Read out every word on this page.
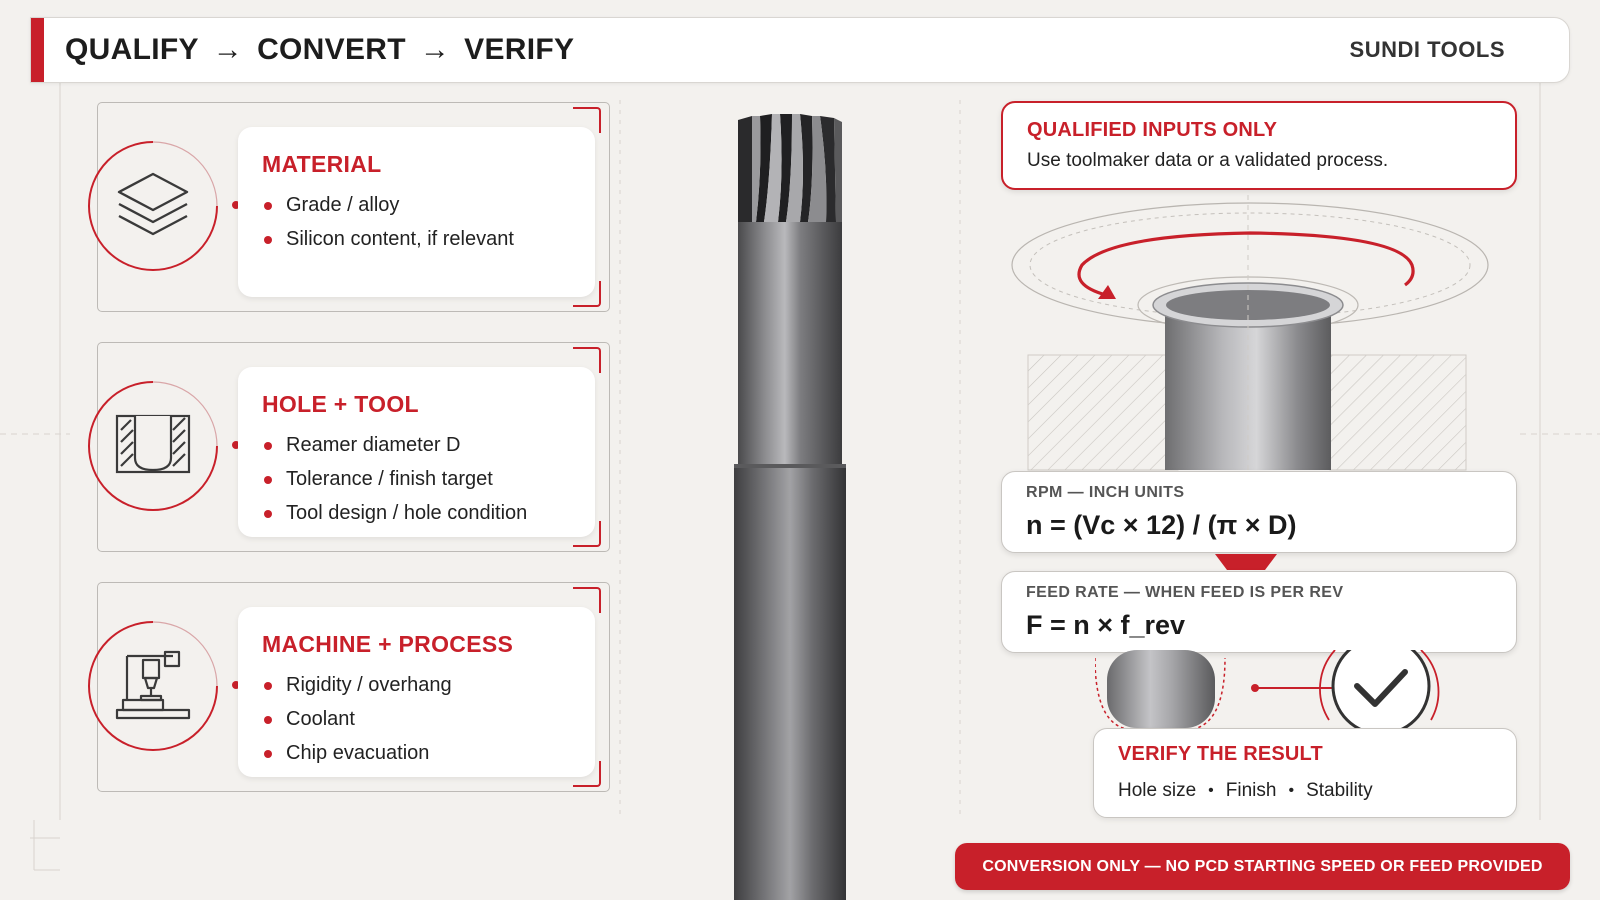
QUALIFY → CONVERT → VERIFY	SUNDI TOOLS
MATERIAL
Grade / alloy
Silicon content, if relevant
HOLE + TOOL
Reamer diameter D
Tolerance / finish target
Tool design / hole condition
MACHINE + PROCESS
Rigidity / overhang
Coolant
Chip evacuation
QUALIFIED INPUTS ONLY
Use toolmaker data or a validated process.
RPM — INCH UNITS
n = (Vc × 12) / (π × D)
FEED RATE — WHEN FEED IS PER REV
F = n × f_rev
VERIFY THE RESULT
Hole size • Finish • Stability
CONVERSION ONLY — NO PCD STARTING SPEED OR FEED PROVIDED
